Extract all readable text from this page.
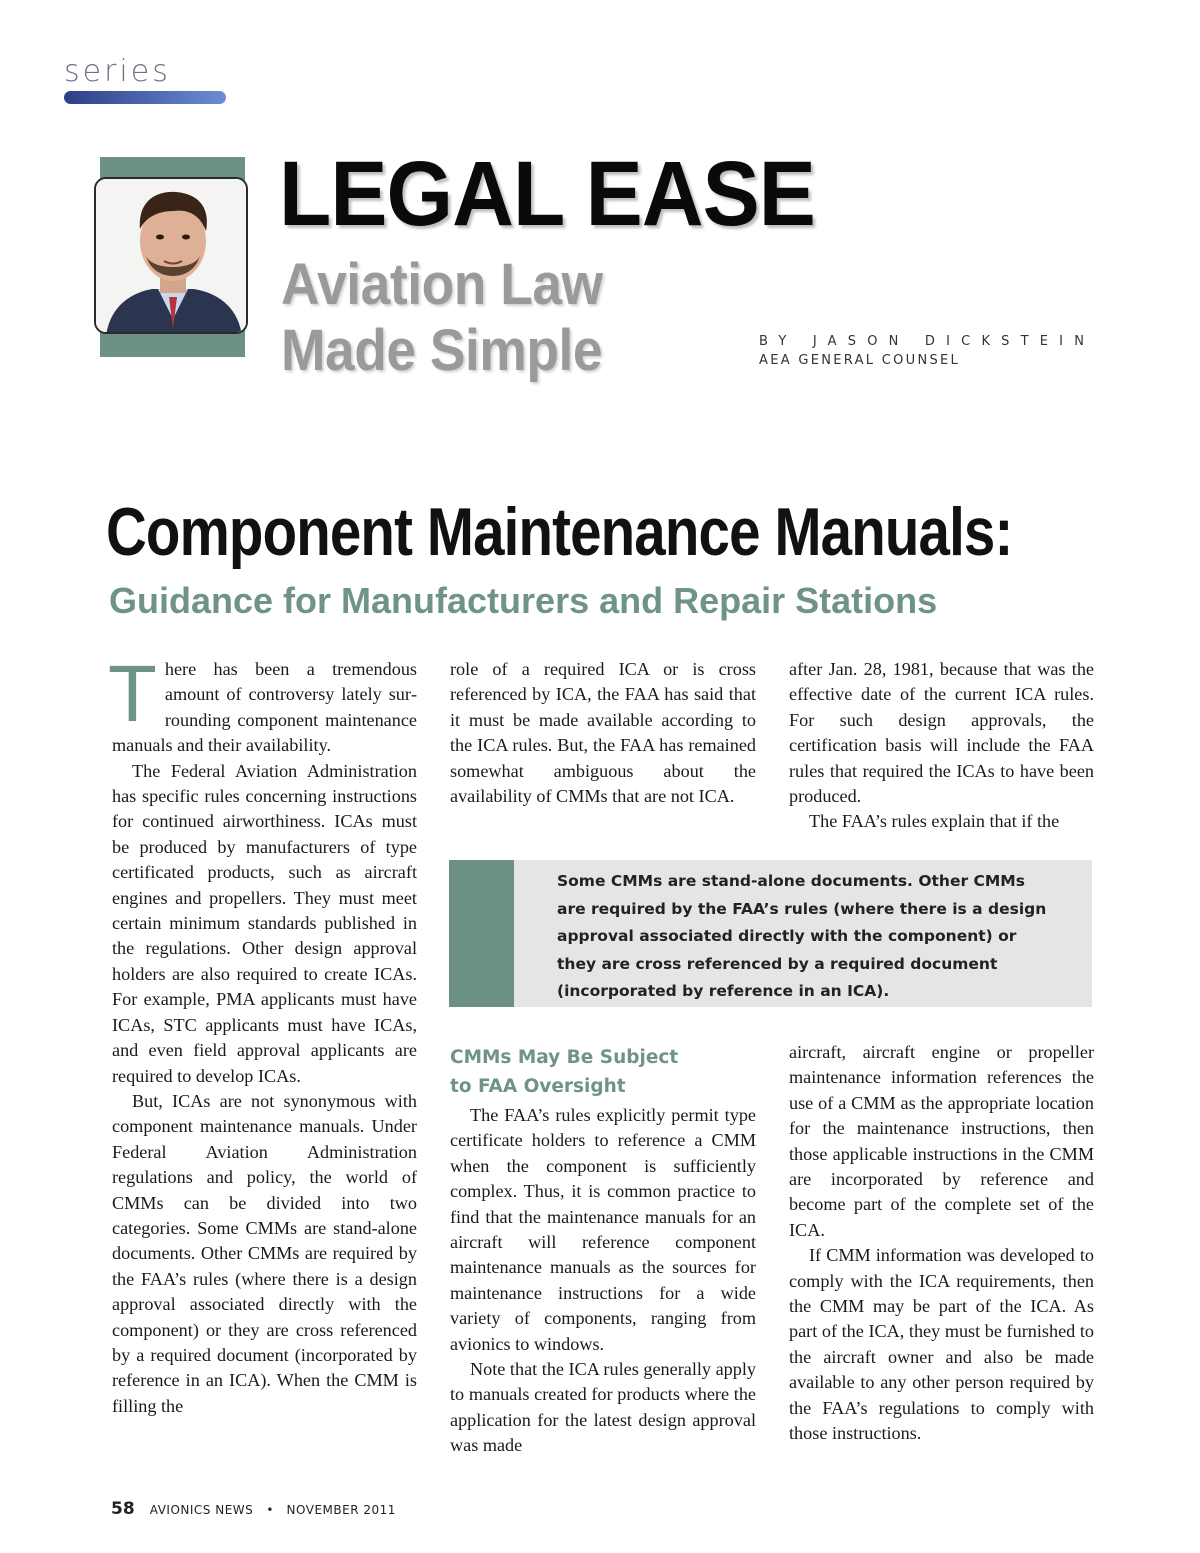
series
LEGAL EASE
Aviation Law
Made Simple	BY JASON DICKSTEIN
AEA GENERAL COUNSEL
Component Maintenance Manuals:
Guidance for Manufacturers and Repair Stations

There has been a tremendous amount of controversy lately surrounding component maintenance manuals and their availability.

The Federal Aviation Administration has specific rules concerning instructions for continued airworthiness. ICAs must be produced by manufacturers of type certificated products, such as aircraft engines and propellers. They must meet certain minimum standards published in the regulations. Other design approval holders are also required to create ICAs. For example, PMA applicants must have ICAs, STC applicants must have ICAs, and even field approval applicants are required to develop ICAs.

But, ICAs are not synonymous with component maintenance manuals. Under Federal Aviation Administration regulations and policy, the world of CMMs can be divided into two categories. Some CMMs are stand-alone documents. Other CMMs are required by the FAA’s rules (where there is a design approval associated directly with the component) or they are cross referenced by a required document (incorporated by reference in an ICA). When the CMM is filling the

role of a required ICA or is cross referenced by ICA, the FAA has said that it must be made available according to the ICA rules. But, the FAA has remained somewhat ambiguous about the availability of CMMs that are not ICA.

after Jan. 28, 1981, because that was the effective date of the current ICA rules. For such design approvals, the certification basis will include the FAA rules that required the ICAs to have been produced.

The FAA’s rules explain that if the

Some CMMs are stand-alone documents. Other CMMs
are required by the FAA’s rules (where there is a design
approval associated directly with the component) or
they are cross referenced by a required document
(incorporated by reference in an ICA).
CMMs May Be Subject
to FAA Oversight

The FAA’s rules explicitly permit type certificate holders to reference a CMM when the component is sufficiently complex. Thus, it is common practice to find that the maintenance manuals for an aircraft will reference component maintenance manuals as the sources for maintenance instructions for a wide variety of components, ranging from avionics to windows.

Note that the ICA rules generally apply to manuals created for products where the application for the latest design approval was made

aircraft, aircraft engine or propeller maintenance information references the use of a CMM as the appropriate location for the maintenance instructions, then those applicable instructions in the CMM are incorporated by reference and become part of the complete set of the ICA.

If CMM information was developed to comply with the ICA requirements, then the CMM may be part of the ICA. As part of the ICA, they must be furnished to the aircraft owner and also be made available to any other person required by the FAA’s regulations to comply with those instructions.

58 AVIONICS NEWS • NOVEMBER 2011
